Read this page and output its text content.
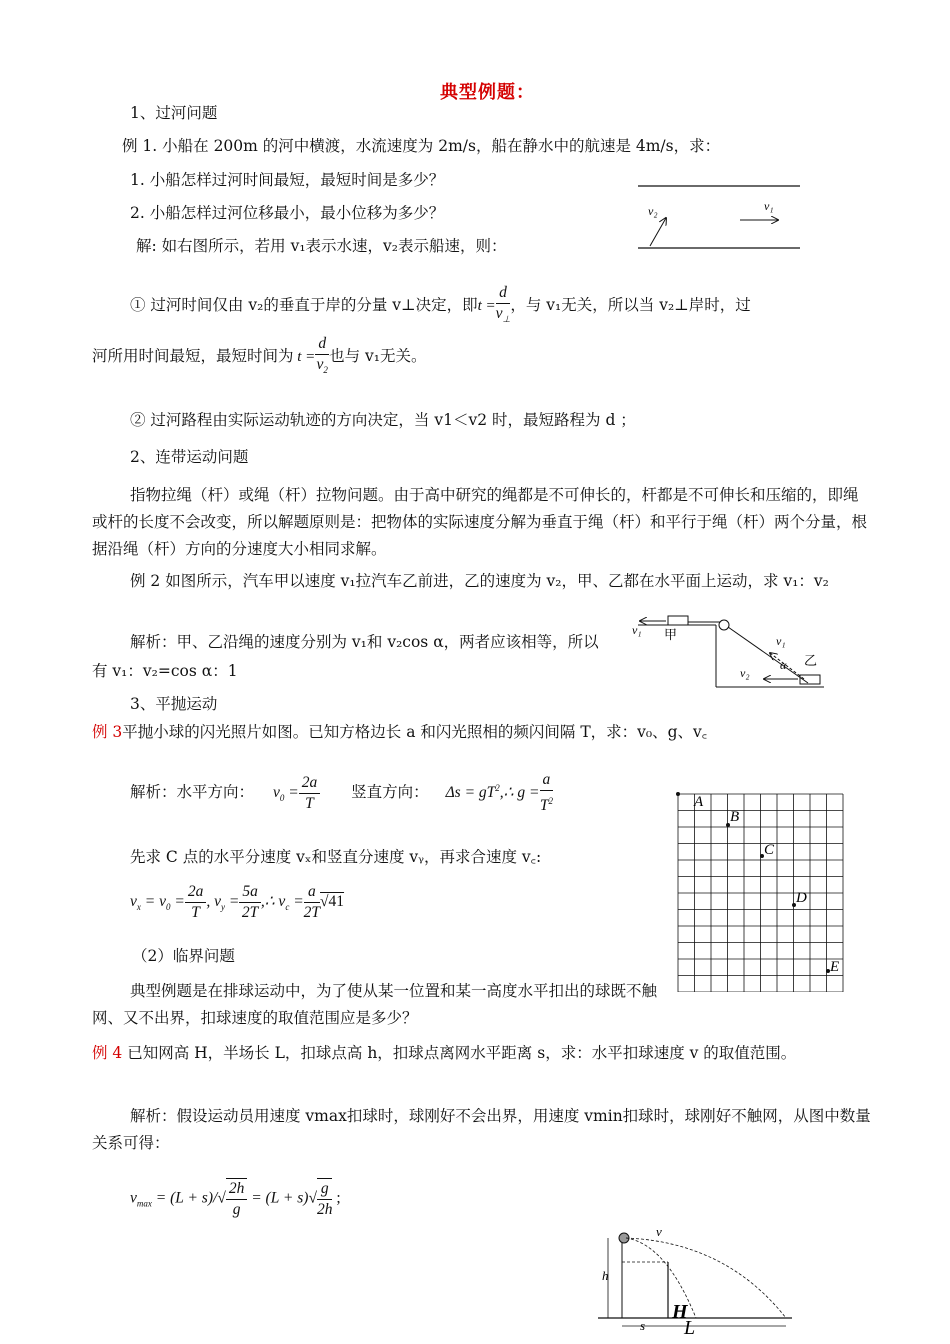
典型例题：
1、过河问题
例 1. 小船在 200m 的河中横渡，水流速度为 2m/s，船在静水中的航速是 4m/s，求：
1. 小船怎样过河时间最短，最短时间是多少？
2. 小船怎样过河位移最小，最小位移为多少？
解: 如右图所示，若用 v₁表示水速，v₂表示船速，则：
v₂	v₁
① 过河时间仅由 v₂的垂直于岸的分量 v⊥决定，即$t = \frac{d}{v_\perp}$ ，与 v₁无关，所以当 v₂⊥岸时，过
河所用时间最短，最短时间为 $t = \frac{d}{v_2}$ 也与 v₁无关。
② 过河路程由实际运动轨迹的方向决定，当 v1＜v2 时，最短路程为 d ；
2、连带运动问题
指物拉绳（杆）或绳（杆）拉物问题。由于高中研究的绳都是不可伸长的，杆都是不可伸长和压缩的，即绳或杆的长度不会改变，所以解题原则是：把物体的实际速度分解为垂直于绳（杆）和平行于绳（杆）两个分量，根据沿绳（杆）方向的分速度大小相同求解。
例 2 如图所示，汽车甲以速度 v₁拉汽车乙前进，乙的速度为 v₂，甲、乙都在水平面上运动，求 v₁：v₂
解析：甲、乙沿绳的速度分别为 v₁和 v₂cos α，两者应该相等，所以有 v₁：v₂=cos α：1
v₁ 甲	v₁
乙
α
v₂
3、平抛运动
例 3平抛小球的闪光照片如图。已知方格边长 a 和闪光照相的频闪间隔 T，求：v₀、g、v꜀
解析：水平方向： $v_0 = \frac{2a}{T}$ 竖直方向： $\Delta s = gT^2,\therefore$ $g = \frac{a}{T^2}$
先求 C 点的水平分速度 vₓ和竖直分速度 vᵧ，再求合速度 v꜀:
$v_x = v_0 = \frac{2a}{T}$ , $v_y = \frac{5a}{2T}$ ,∴ $v_c = \frac{a}{2T} √41$
A
B
C
D
E
（2）临界问题
典型例题是在排球运动中，为了使从某一位置和某一高度水平扣出的球既不触网、又不出界，扣球速度的取值范围应是多少？
例 4 已知网高 H，半场长 L，扣球点高 h，扣球点离网水平距离 s，求：水平扣球速度 v 的取值范围。
解析：假设运动员用速度 vmax扣球时，球刚好不会出界，用速度 vmin扣球时，球刚好不触网，从图中数量关系可得：
$v_{max} = (L + s)/√ \frac{2h}{g} = (L + s)√ \frac{g}{2h}$ ;
v
h
s
H
L
